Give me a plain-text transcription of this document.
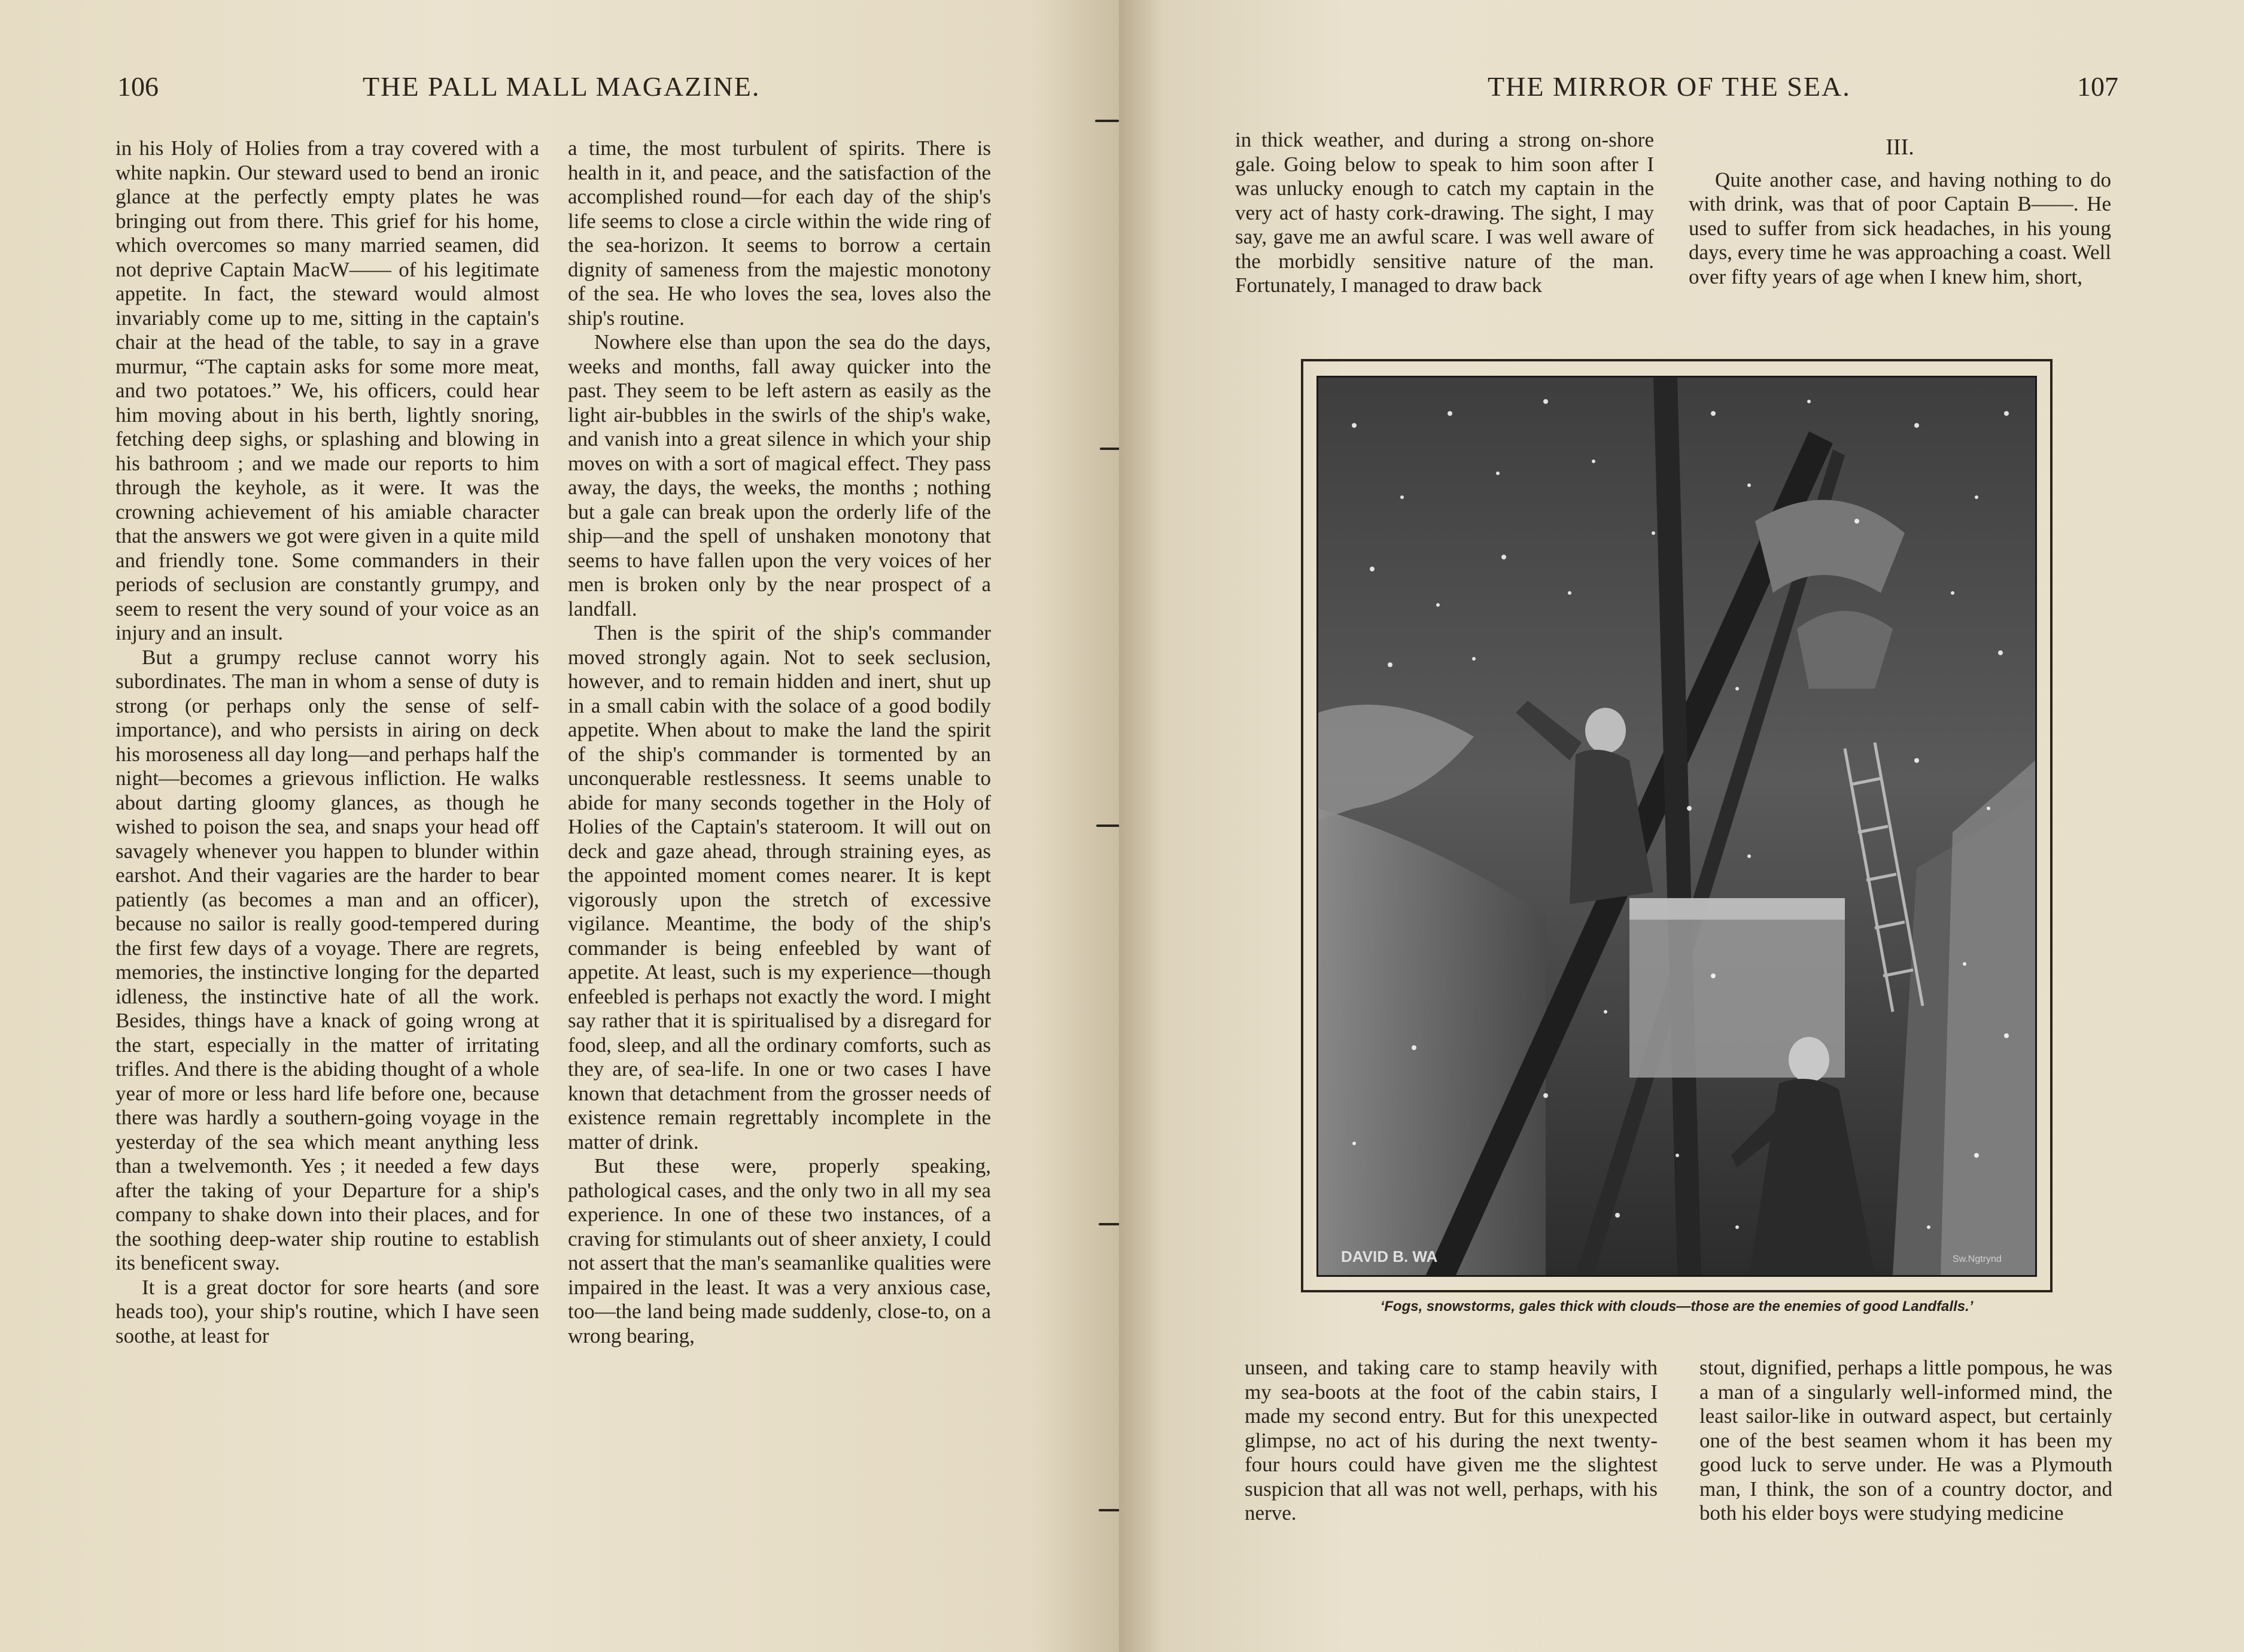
106	THE PALL MALL MAGAZINE.

in his Holy of Holies from a tray covered with a white napkin. Our steward used to bend an ironic glance at the perfectly empty plates he was bringing out from there. This grief for his home, which overcomes so many married seamen, did not deprive Captain MacW—— of his legitimate appetite. In fact, the steward would almost invariably come up to me, sitting in the captain's chair at the head of the table, to say in a grave murmur, “The captain asks for some more meat, and two potatoes.” We, his officers, could hear him moving about in his berth, lightly snoring, fetching deep sighs, or splashing and blowing in his bathroom ; and we made our reports to him through the keyhole, as it were. It was the crowning achievement of his amiable character that the answers we got were given in a quite mild and friendly tone. Some commanders in their periods of seclusion are constantly grumpy, and seem to resent the very sound of your voice as an injury and an insult.

But a grumpy recluse cannot worry his subordinates. The man in whom a sense of duty is strong (or perhaps only the sense of self-importance), and who persists in airing on deck his moroseness all day long—and perhaps half the night—becomes a grievous infliction. He walks about darting gloomy glances, as though he wished to poison the sea, and snaps your head off savagely whenever you happen to blunder within earshot. And their vagaries are the harder to bear patiently (as becomes a man and an officer), because no sailor is really good-tempered during the first few days of a voyage. There are regrets, memories, the instinctive longing for the departed idleness, the instinctive hate of all the work. Besides, things have a knack of going wrong at the start, especially in the matter of irritating trifles. And there is the abiding thought of a whole year of more or less hard life before one, because there was hardly a southern-going voyage in the yesterday of the sea which meant anything less than a twelvemonth. Yes ; it needed a few days after the taking of your Departure for a ship's company to shake down into their places, and for the soothing deep-water ship routine to establish its beneficent sway.

It is a great doctor for sore hearts (and sore heads too), your ship's routine, which I have seen soothe, at least for

a time, the most turbulent of spirits. There is health in it, and peace, and the satisfaction of the accomplished round—for each day of the ship's life seems to close a circle within the wide ring of the sea-horizon. It seems to borrow a certain dignity of sameness from the majestic monotony of the sea. He who loves the sea, loves also the ship's routine.

Nowhere else than upon the sea do the days, weeks and months, fall away quicker into the past. They seem to be left astern as easily as the light air-bubbles in the swirls of the ship's wake, and vanish into a great silence in which your ship moves on with a sort of magical effect. They pass away, the days, the weeks, the months ; nothing but a gale can break upon the orderly life of the ship—and the spell of unshaken monotony that seems to have fallen upon the very voices of her men is broken only by the near prospect of a landfall.

Then is the spirit of the ship's commander moved strongly again. Not to seek seclusion, however, and to remain hidden and inert, shut up in a small cabin with the solace of a good bodily appetite. When about to make the land the spirit of the ship's commander is tormented by an unconquerable restlessness. It seems unable to abide for many seconds together in the Holy of Holies of the Captain's stateroom. It will out on deck and gaze ahead, through straining eyes, as the appointed moment comes nearer. It is kept vigorously upon the stretch of excessive vigilance. Meantime, the body of the ship's commander is being enfeebled by want of appetite. At least, such is my experience—though enfeebled is perhaps not exactly the word. I might say rather that it is spiritualised by a disregard for food, sleep, and all the ordinary comforts, such as they are, of sea-life. In one or two cases I have known that detachment from the grosser needs of existence remain regrettably incomplete in the matter of drink.

But these were, properly speaking, pathological cases, and the only two in all my sea experience. In one of these two instances, of a craving for stimulants out of sheer anxiety, I could not assert that the man's seamanlike qualities were impaired in the least. It was a very anxious case, too—the land being made suddenly, close-to, on a wrong bearing,

THE MIRROR OF THE SEA.	107

in thick weather, and during a strong on-shore gale. Going below to speak to him soon after I was unlucky enough to catch my captain in the very act of hasty cork-drawing. The sight, I may say, gave me an awful scare. I was well aware of the morbidly sensitive nature of the man. Fortunately, I managed to draw back

III.

Quite another case, and having nothing to do with drink, was that of poor Captain B——. He used to suffer from sick headaches, in his young days, every time he was approaching a coast. Well over fifty years of age when I knew him, short,

unseen, and taking care to stamp heavily with my sea-boots at the foot of the cabin stairs, I made my second entry. But for this unexpected glimpse, no act of his during the next twenty-four hours could have given me the slightest suspicion that all was not well, perhaps, with his nerve.

stout, dignified, perhaps a little pompous, he was a man of a singularly well-informed mind, the least sailor-like in outward aspect, but certainly one of the best seamen whom it has been my good luck to serve under. He was a Plymouth man, I think, the son of a country doctor, and both his elder boys were studying medicine

DAVID B. WA	Sw.Ngtrynd
‘Fogs, snowstorms, gales thick with clouds—those are the enemies of good Landfalls.’
